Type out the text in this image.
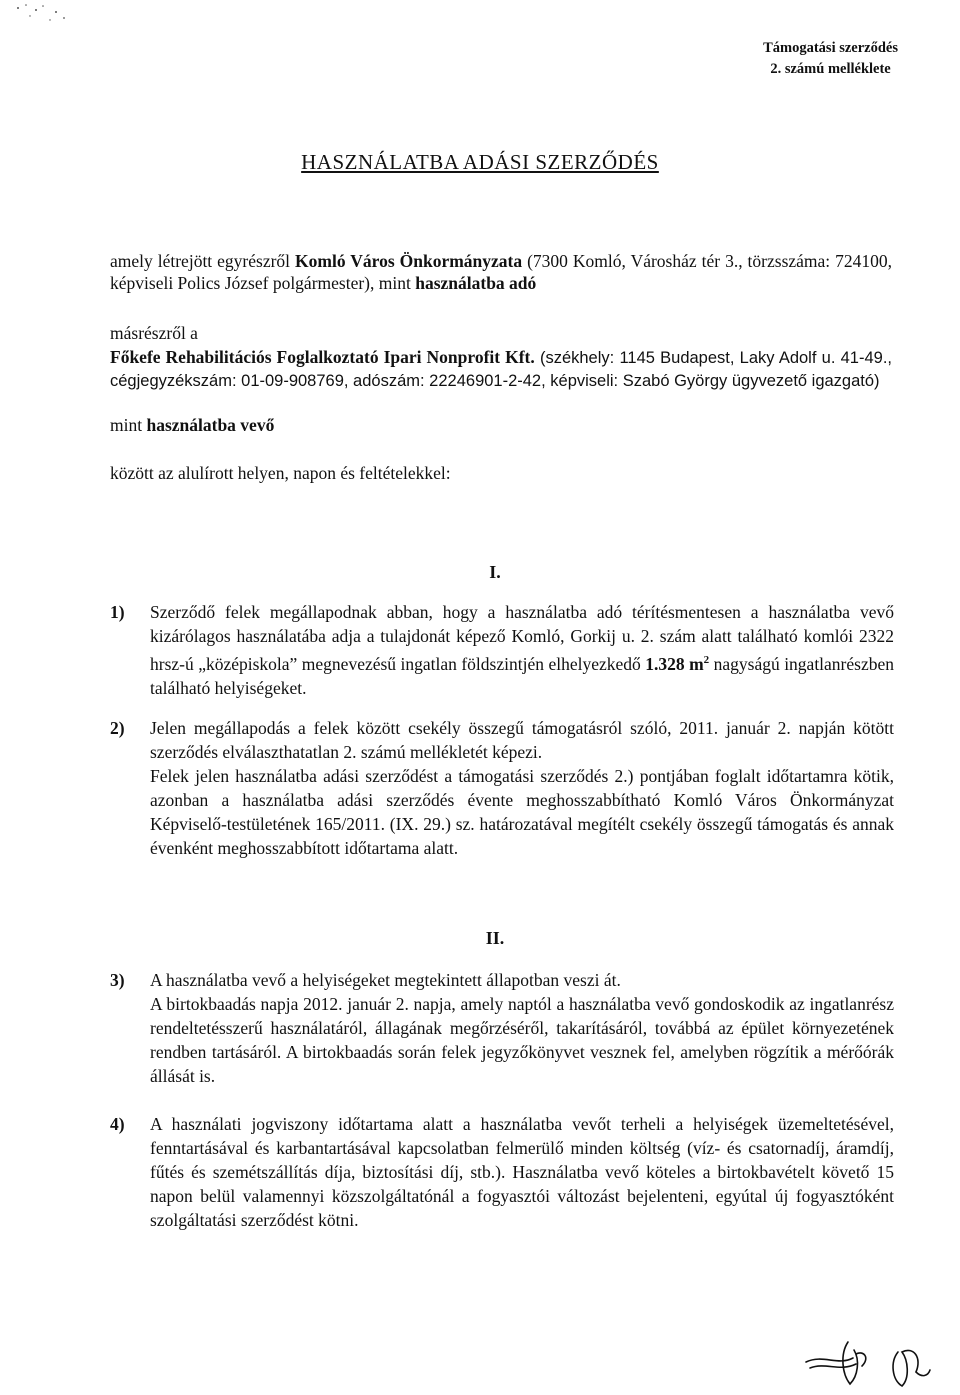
Támogatási szerződés
2. számú melléklete
HASZNÁLATBA ADÁSI SZERZŐDÉS
amely létrejött egyrészről Komló Város Önkormányzata (7300 Komló, Városház tér 3., törzsszáma: 724100, képviseli Polics József polgármester), mint használatba adó
másrészről a
Főkefe Rehabilitációs Foglalkoztató Ipari Nonprofit Kft. (székhely: 1145 Budapest, Laky Adolf u. 41-49., cégjegyzékszám: 01-09-908769, adószám: 22246901-2-42, képviseli: Szabó György ügyvezető igazgató)
mint használatba vevő
között az alulírott helyen, napon és feltételekkel:
I.
1) Szerződő felek megállapodnak abban, hogy a használatba adó térítésmentesen a használatba vevő kizárólagos használatába adja a tulajdonát képező Komló, Gorkij u. 2. szám alatt található komlói 2322 hrsz-ú „középiskola” megnevezésű ingatlan földszintjén elhelyezkedő 1.328 $m^2$ nagyságú ingatlanrészben található helyiségeket.
2) Jelen megállapodás a felek között csekély összegű támogatásról szóló, 2011. január 2. napján kötött szerződés elválaszthatatlan 2. számú mellékletét képezi.

Felek jelen használatba adási szerződést a támogatási szerződés 2.) pontjában foglalt időtartamra kötik, azonban a használatba adási szerződés évente meghosszabbítható Komló Város Önkormányzat Képviselő-testületének 165/2011. (IX. 29.) sz. határozatával megítélt csekély összegű támogatás és annak évenként meghosszabbított időtartama alatt.

II.
3) A használatba vevő a helyiségeket megtekintett állapotban veszi át.

A birtokbaadás napja 2012. január 2. napja, amely naptól a használatba vevő gondoskodik az ingatlanrész rendeltetésszerű használatáról, állagának megőrzéséről, takarításáról, továbbá az épület környezetének rendben tartásáról. A birtokbaadás során felek jegyzőkönyvet vesznek fel, amelyben rögzítik a mérőórák állását is.

4) A használati jogviszony időtartama alatt a használatba vevőt terheli a helyiségek üzemeltetésével, fenntartásával és karbantartásával kapcsolatban felmerülő minden költség (víz- és csatornadíj, áramdíj, fűtés és szemétszállítás díja, biztosítási díj, stb.). Használatba vevő köteles a birtokbavételt követő 15 napon belül valamennyi közszolgáltatónál a fogyasztói változást bejelenteni, egyútal új fogyasztóként szolgáltatási szerződést kötni.
